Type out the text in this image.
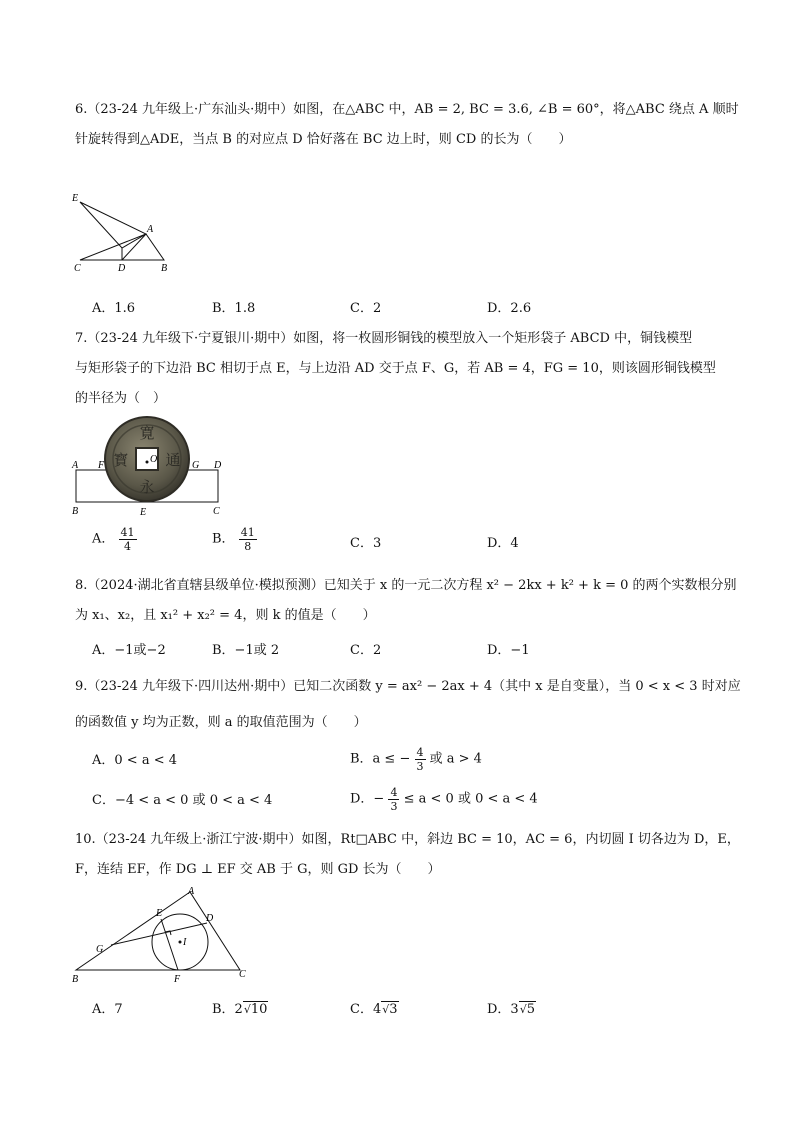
6.（23-24 九年级上·广东汕头·期中）如图，在△ABC 中，AB = 2, BC = 3.6, ∠B = 60°，将△ABC 绕点 A 顺时
针旋转得到△ADE，当点 B 的对应点 D 恰好落在 BC 边上时，则 CD 的长为（　　）
E
A
C	D	B
A．1.6	B．1.8	C．2	D．2.6
7.（23-24 九年级下·宁夏银川·期中）如图，将一枚圆形铜钱的模型放入一个矩形袋子 ABCD 中，铜钱模型
与矩形袋子的下边沿 BC 相切于点 E，与上边沿 AD 交于点 F、G，若 AB = 4，FG = 10，则该圆形铜钱模型
的半径为（　）
寛
永
寳 通
O
A F	G D
B	E	C
A． $\frac{41}{4}$	B． $\frac{41}{8}$	C．3	D．4
8.（2024·湖北省直辖县级单位·模拟预测）已知关于 x 的一元二次方程 x² − 2kx + k² + k = 0 的两个实数根分别
为 x₁、x₂，且 x₁² + x₂² = 4，则 k 的值是（　　）
A．−1或−2	B．−1或 2	C．2	D．−1
9.（23-24 九年级下·四川达州·期中）已知二次函数 y = ax² − 2ax + 4（其中 x 是自变量），当 0 < x < 3 时对应
的函数值 y 均为正数，则 a 的取值范围为（　　）
A．0 < a < 4	B．a ≤ − $\frac{4}{3}$ 或 a > 4
C．−4 < a < 0 或 0 < a < 4	D．− $\frac{4}{3} \le a < 0$ 或 0 < a < 4
10.（23-24 九年级上·浙江宁波·期中）如图，Rt□ABC 中，斜边 BC = 10，AC = 6，内切圆 I 切各边为 D，E，
F，连结 EF，作 DG ⊥ EF 交 AB 于 G，则 GD 长为（　　）
A
E	D
G
I
B	F	C
A．7	B．2√10	C．4√3	D．3√5
